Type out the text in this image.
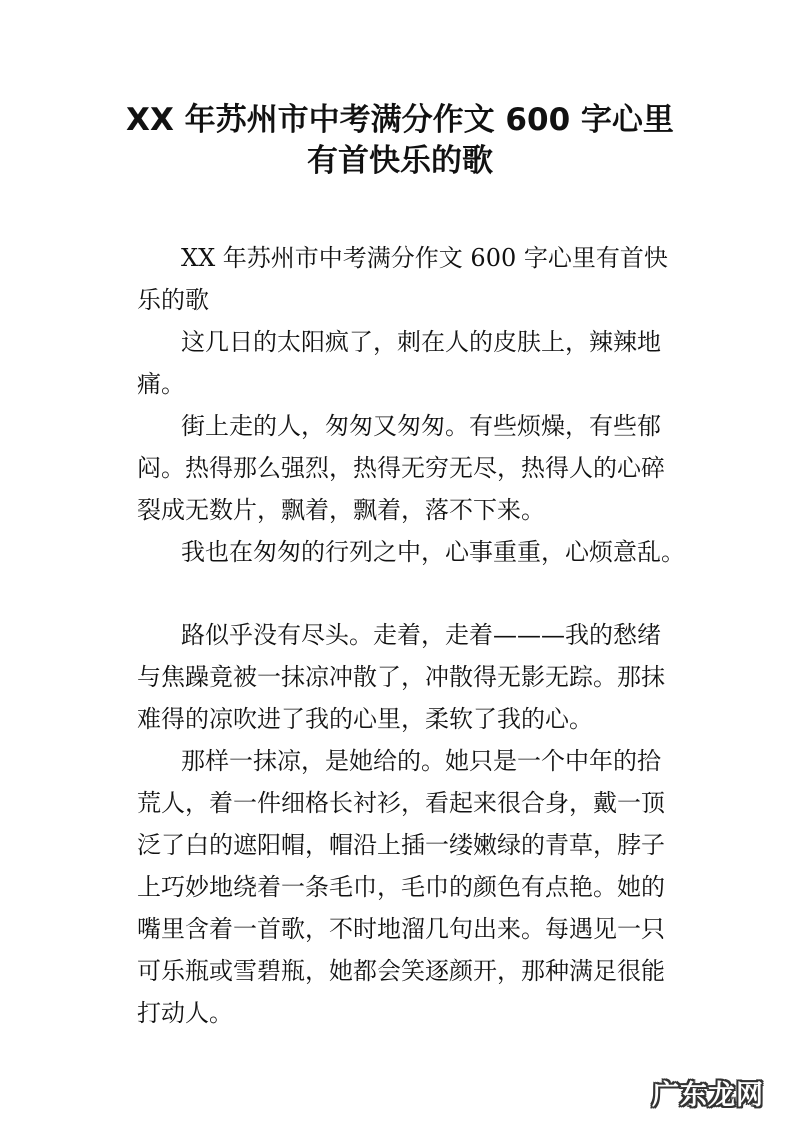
XX 年苏州市中考满分作文 600 字心里
有首快乐的歌
XX 年苏州市中考满分作文 600 字心里有首快
乐的歌
这几日的太阳疯了，刺在人的皮肤上，辣辣地
痛。
街上走的人，匆匆又匆匆。有些烦燥，有些郁
闷。热得那么强烈，热得无穷无尽，热得人的心碎
裂成无数片，飘着，飘着，落不下来。
我也在匆匆的行列之中，心事重重，心烦意乱。
路似乎没有尽头。走着，走着———我的愁绪
与焦躁竟被一抹凉冲散了，冲散得无影无踪。那抹
难得的凉吹进了我的心里，柔软了我的心。
那样一抹凉，是她给的。她只是一个中年的拾
荒人，着一件细格长衬衫，看起来很合身，戴一顶
泛了白的遮阳帽，帽沿上插一缕嫩绿的青草，脖子
上巧妙地绕着一条毛巾，毛巾的颜色有点艳。她的
嘴里含着一首歌，不时地溜几句出来。每遇见一只
可乐瓶或雪碧瓶，她都会笑逐颜开，那种满足很能
打动人。
广东龙网
